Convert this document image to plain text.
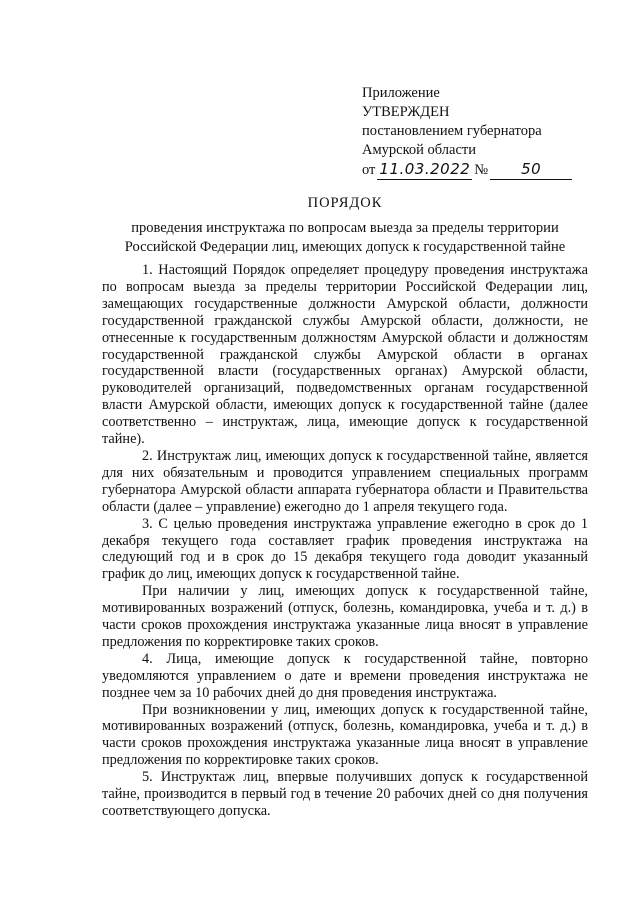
Приложение
УТВЕРЖДЕН
постановлением губернатора
Амурской области
от 11.03.2022 №	50
ПОРЯДОК
проведения инструктажа по вопросам выезда за пределы территории Российской Федерации лиц, имеющих допуск к государственной тайне

1. Настоящий Порядок определяет процедуру проведения инструктажа по вопросам выезда за пределы территории Российской Федерации лиц, замещающих государственные должности Амурской области, должности государственной гражданской службы Амурской области, должности, не отнесенные к государственным должностям Амурской области и должностям государственной гражданской службы Амурской области в органах государственной власти (государственных органах) Амурской области, руководителей организаций, подведомственных органам государственной власти Амурской области, имеющих допуск к государственной тайне (далее соответственно – инструктаж, лица, имеющие допуск к государственной тайне).

2. Инструктаж лиц, имеющих допуск к государственной тайне, является для них обязательным и проводится управлением специальных программ губернатора Амурской области аппарата губернатора области и Правительства области (далее – управление) ежегодно до 1 апреля текущего года.

3. С целью проведения инструктажа управление ежегодно в срок до 1 декабря текущего года составляет график проведения инструктажа на следующий год и в срок до 15 декабря текущего года доводит указанный график до лиц, имеющих допуск к государственной тайне.

При наличии у лиц, имеющих допуск к государственной тайне, мотивированных возражений (отпуск, болезнь, командировка, учеба и т. д.) в части сроков прохождения инструктажа указанные лица вносят в управление предложения по корректировке таких сроков.

4. Лица, имеющие допуск к государственной тайне, повторно уведомляются управлением о дате и времени проведения инструктажа не позднее чем за 10 рабочих дней до дня проведения инструктажа.

При возникновении у лиц, имеющих допуск к государственной тайне, мотивированных возражений (отпуск, болезнь, командировка, учеба и т. д.) в части сроков прохождения инструктажа указанные лица вносят в управление предложения по корректировке таких сроков.

5. Инструктаж лиц, впервые получивших допуск к государственной тайне, производится в первый год в течение 20 рабочих дней со дня получения соответствующего допуска.
